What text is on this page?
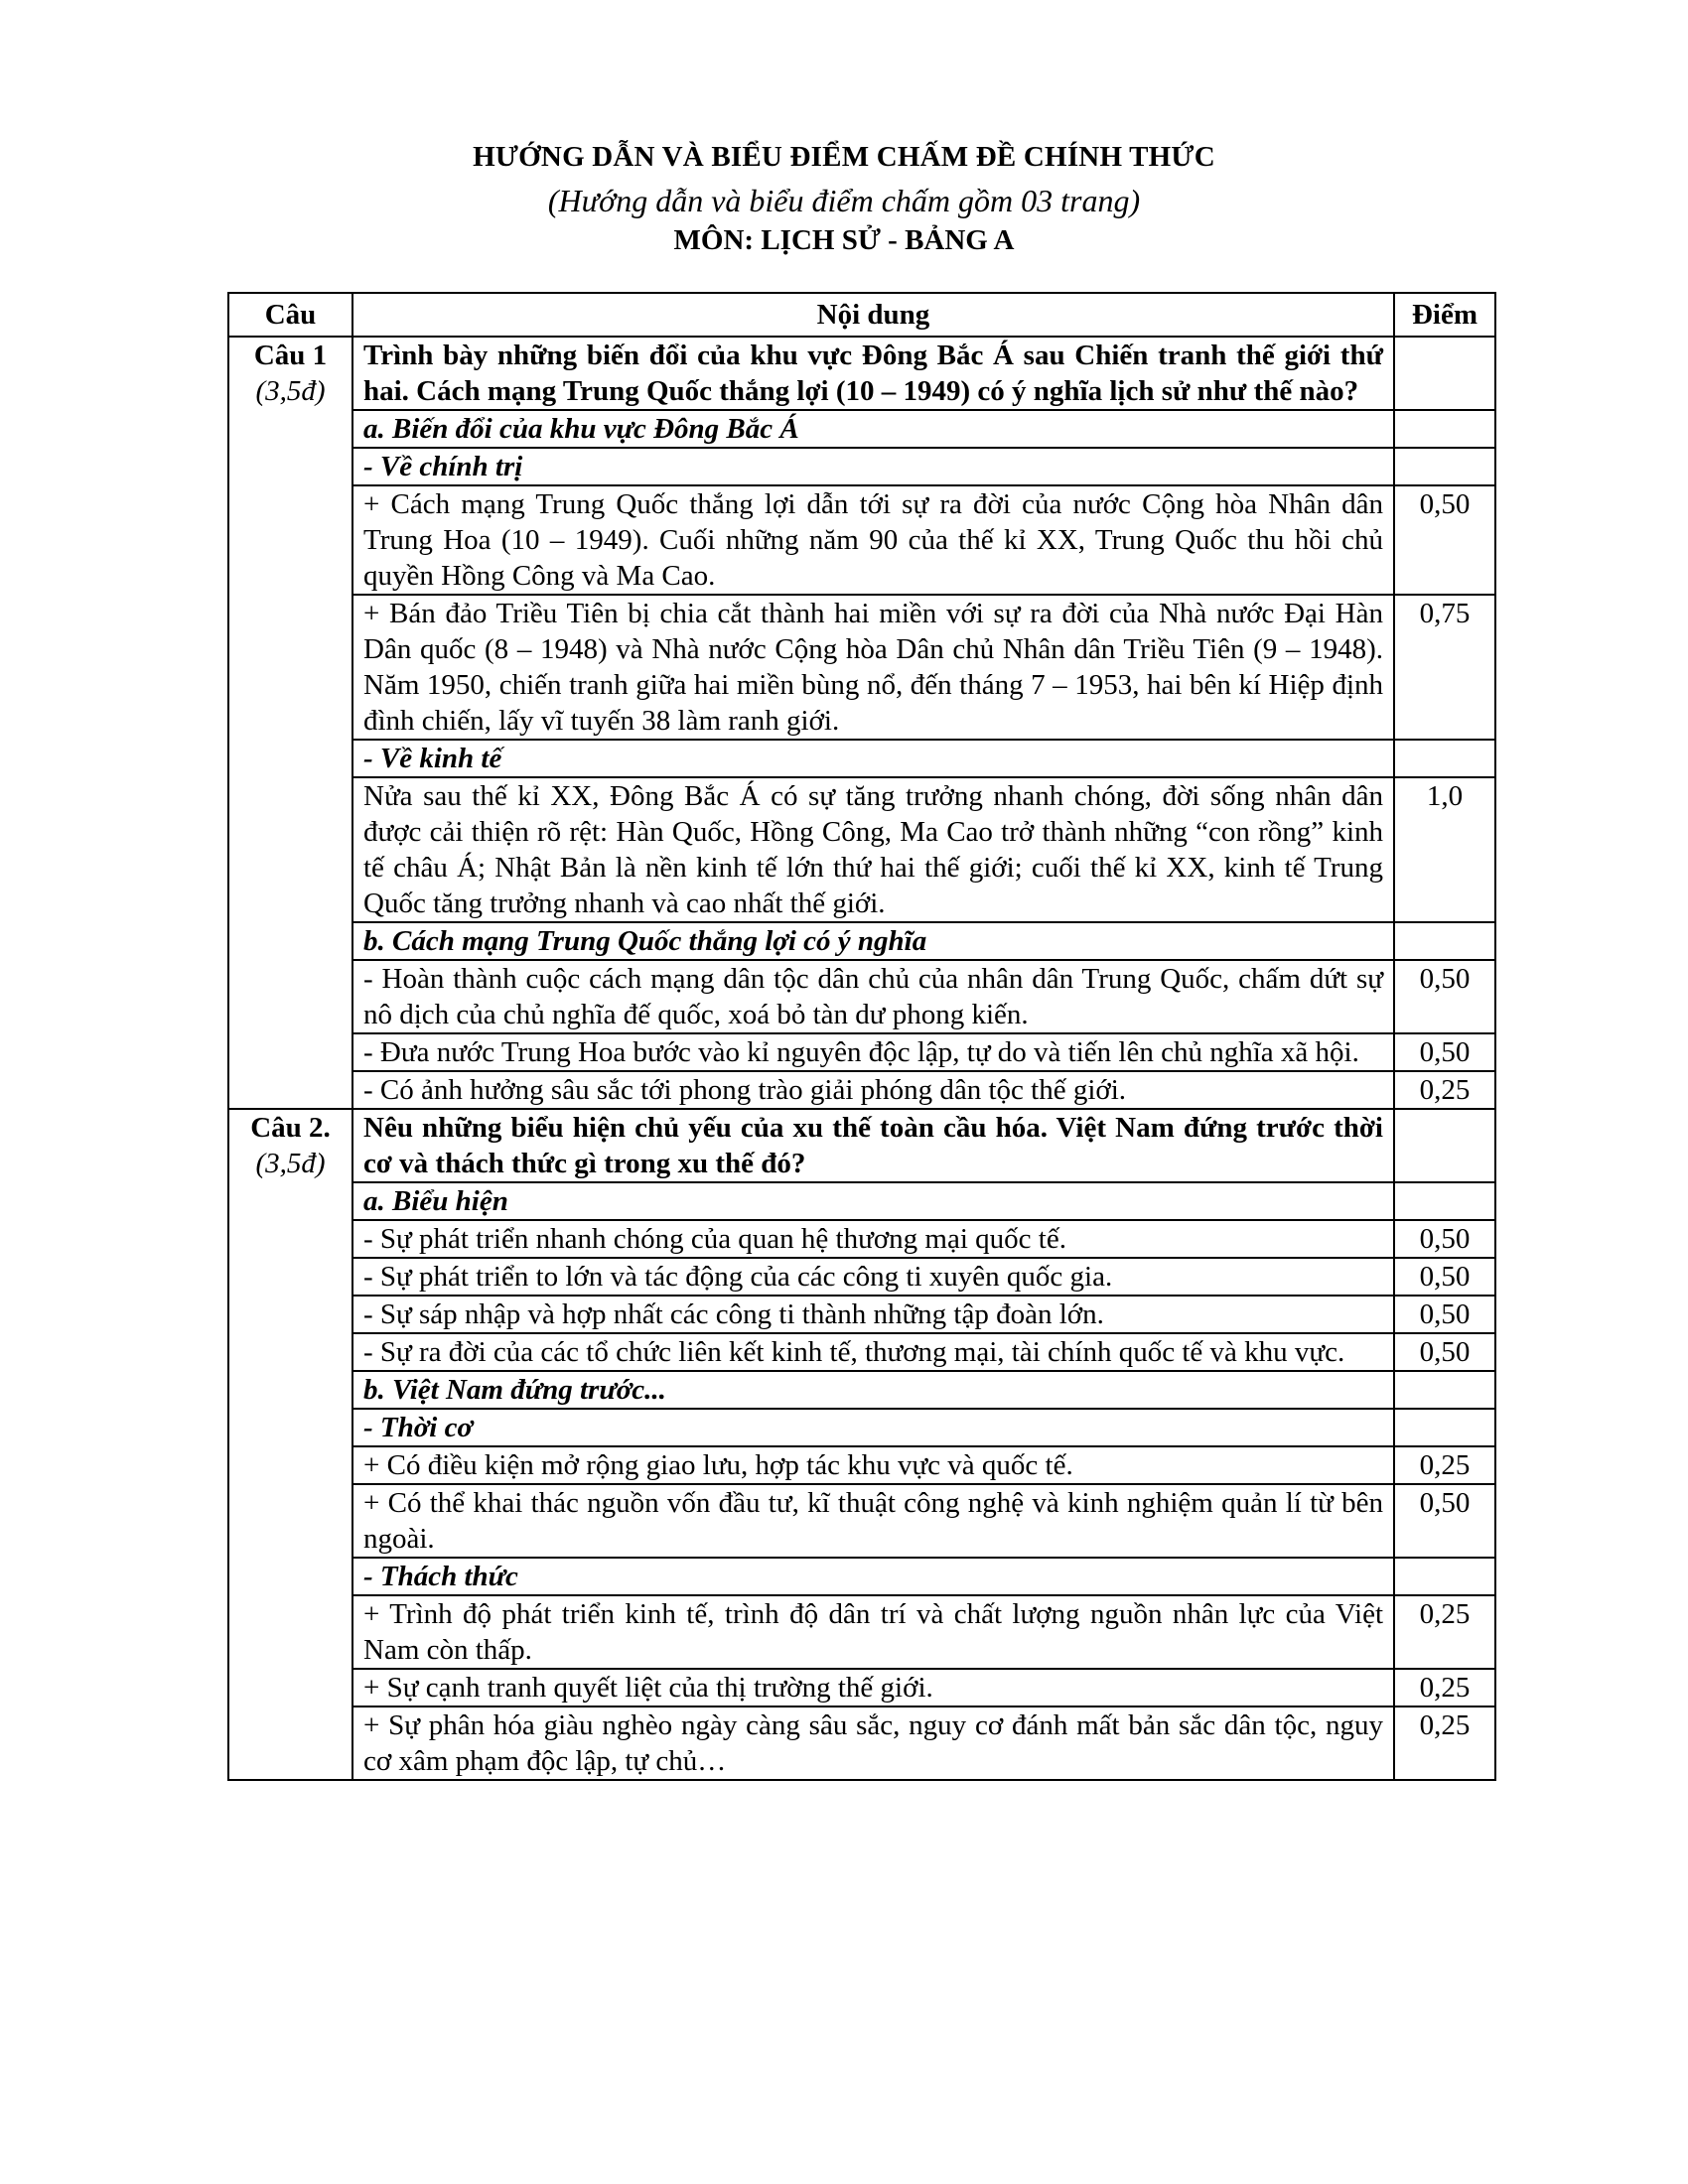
HƯỚNG DẪN VÀ BIỂU ĐIỂM CHẤM ĐỀ CHÍNH THỨC
(Hướng dẫn và biểu điểm chấm gồm 03 trang)
MÔN: LỊCH SỬ - BẢNG A
Câu	Nội dung	Điểm

Câu 1
(3,5đ)	Trình bày những biến đổi của khu vực Đông Bắc Á sau Chiến tranh thế giới thứ hai. Cách mạng Trung Quốc thắng lợi (10 – 1949) có ý nghĩa lịch sử như thế nào?	
	a. Biến đổi của khu vực Đông Bắc Á	
	- Về chính trị	
	+ Cách mạng Trung Quốc thắng lợi dẫn tới sự ra đời của nước Cộng hòa Nhân dân Trung Hoa (10 – 1949). Cuối những năm 90 của thế kỉ XX, Trung Quốc thu hồi chủ quyền Hồng Công và Ma Cao.	0,50
	+ Bán đảo Triều Tiên bị chia cắt thành hai miền với sự ra đời của Nhà nước Đại Hàn Dân quốc (8 – 1948) và Nhà nước Cộng hòa Dân chủ Nhân dân Triều Tiên (9 – 1948). Năm 1950, chiến tranh giữa hai miền bùng nổ, đến tháng 7 – 1953, hai bên kí Hiệp định đình chiến, lấy vĩ tuyến 38 làm ranh giới.	0,75
	- Về kinh tế	
	Nửa sau thế kỉ XX, Đông Bắc Á có sự tăng trưởng nhanh chóng, đời sống nhân dân được cải thiện rõ rệt: Hàn Quốc, Hồng Công, Ma Cao trở thành những “con rồng” kinh tế châu Á; Nhật Bản là nền kinh tế lớn thứ hai thế giới; cuối thế kỉ XX, kinh tế Trung Quốc tăng trưởng nhanh và cao nhất thế giới.	1,0
	b. Cách mạng Trung Quốc thắng lợi có ý nghĩa	
	- Hoàn thành cuộc cách mạng dân tộc dân chủ của nhân dân Trung Quốc, chấm dứt sự nô dịch của chủ nghĩa đế quốc, xoá bỏ tàn dư phong kiến.	0,50
	- Đưa nước Trung Hoa bước vào kỉ nguyên độc lập, tự do và tiến lên chủ nghĩa xã hội.	0,50
	- Có ảnh hưởng sâu sắc tới phong trào giải phóng dân tộc thế giới.	0,25

Câu 2.
(3,5đ)	Nêu những biểu hiện chủ yếu của xu thế toàn cầu hóa. Việt Nam đứng trước thời cơ và thách thức gì trong xu thế đó?	
	a. Biểu hiện	
	- Sự phát triển nhanh chóng của quan hệ thương mại quốc tế.	0,50
	- Sự phát triển to lớn và tác động của các công ti xuyên quốc gia.	0,50
	- Sự sáp nhập và hợp nhất các công ti thành những tập đoàn lớn.	0,50
	- Sự ra đời của các tổ chức liên kết kinh tế, thương mại, tài chính quốc tế và khu vực.	0,50
	b. Việt Nam đứng trước...	
	- Thời cơ	
	+ Có điều kiện mở rộng giao lưu, hợp tác khu vực và quốc tế.	0,25
	+ Có thể khai thác nguồn vốn đầu tư, kĩ thuật công nghệ và kinh nghiệm quản lí từ bên ngoài.	0,50
	- Thách thức	
	+ Trình độ phát triển kinh tế, trình độ dân trí và chất lượng nguồn nhân lực của Việt Nam còn thấp.	0,25
	+ Sự cạnh tranh quyết liệt của thị trường thế giới.	0,25
	+ Sự phân hóa giàu nghèo ngày càng sâu sắc, nguy cơ đánh mất bản sắc dân tộc, nguy cơ xâm phạm độc lập, tự chủ…	0,25
